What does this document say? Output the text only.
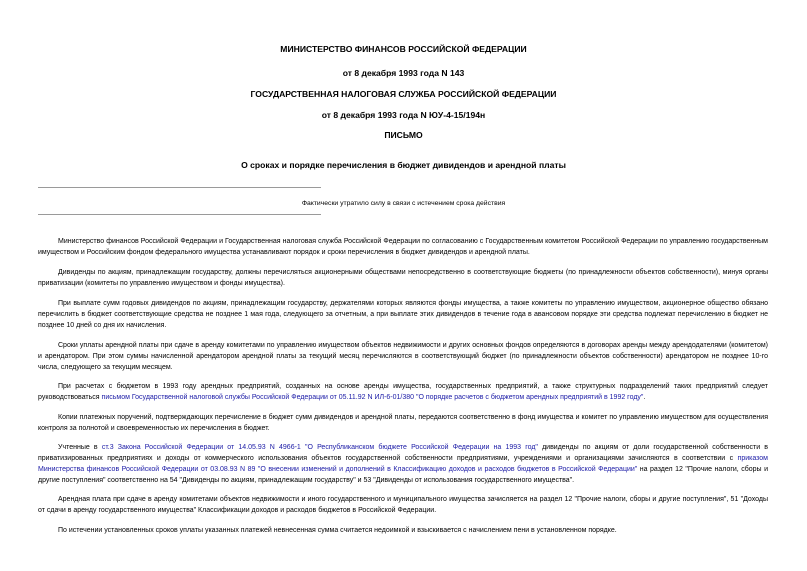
МИНИСТЕРСТВО ФИНАНСОВ РОССИЙСКОЙ ФЕДЕРАЦИИ
от 8 декабря 1993 года N 143
ГОСУДАРСТВЕННАЯ НАЛОГОВАЯ СЛУЖБА РОССИЙСКОЙ ФЕДЕРАЦИИ
от 8 декабря 1993 года N ЮУ-4-15/194н
ПИСЬМО
О сроках и порядке перечисления в бюджет дивидендов и арендной платы
Фактически утратило силу в связи с истечением срока действия

Министерство финансов Российской Федерации и Государственная налоговая служба Российской Федерации по согласованию с Государственным комитетом Российской Федерации по управлению государственным имуществом и Российским фондом федерального имущества устанавливают порядок и сроки перечисления в бюджет дивидендов и арендной платы.

Дивиденды по акциям, принадлежащим государству, должны перечисляться акционерными обществами непосредственно в соответствующие бюджеты (по принадлежности объектов собственности), минуя органы приватизации (комитеты по управлению имуществом и фонды имущества).

При выплате сумм годовых дивидендов по акциям, принадлежащим государству, держателями которых являются фонды имущества, а также комитеты по управлению имуществом, акционерное общество обязано перечислить в бюджет соответствующие средства не позднее 1 мая года, следующего за отчетным, а при выплате этих дивидендов в течение года в авансовом порядке эти средства подлежат перечислению в бюджет не позднее 10 дней со дня их начисления.

Сроки уплаты арендной платы при сдаче в аренду комитетами по управлению имуществом объектов недвижимости и других основных фондов определяются в договорах аренды между арендодателями (комитетом) и арендатором. При этом суммы начисленной арендатором арендной платы за текущий месяц перечисляются в соответствующий бюджет (по принадлежности объектов собственности) арендатором не позднее 10-го числа, следующего за текущим месяцем.

При расчетах с бюджетом в 1993 году арендных предприятий, созданных на основе аренды имущества, государственных предприятий, а также структурных подразделений таких предприятий следует руководствоваться письмом Государственной налоговой службы Российской Федерации от 05.11.92 N ИЛ-6-01/380 "О порядке расчетов с бюджетом арендных предприятий в 1992 году".

Копии платежных поручений, подтверждающих перечисление в бюджет сумм дивидендов и арендной платы, передаются соответственно в фонд имущества и комитет по управлению имуществом для осуществления контроля за полнотой и своевременностью их перечисления в бюджет.

Учтенные в ст.3 Закона Российской Федерации от 14.05.93 N 4966-1 "О Республиканском бюджете Российской Федерации на 1993 год" дивиденды по акциям от доли государственной собственности в приватизированных предприятиях и доходы от коммерческого использования объектов государственной собственности предприятиями, учреждениями и организациями зачисляются в соответствии с приказом Министерства финансов Российской Федерации от 03.08.93 N 89 "О внесении изменений и дополнений в Классификацию доходов и расходов бюджетов в Российской Федерации" на раздел 12 "Прочие налоги, сборы и другие поступления" соответственно на 54 "Дивиденды по акциям, принадлежащим государству" и 53 "Дивиденды от использования государственного имущества".

Арендная плата при сдаче в аренду комитетами объектов недвижимости и иного государственного и муниципального имущества зачисляется на раздел 12 "Прочие налоги, сборы и другие поступления", 51 "Доходы от сдачи в аренду государственного имущества" Классификации доходов и расходов бюджетов в Российской Федерации.

По истечении установленных сроков уплаты указанных платежей невнесенная сумма считается недоимкой и взыскивается с начислением пени в установленном порядке.
